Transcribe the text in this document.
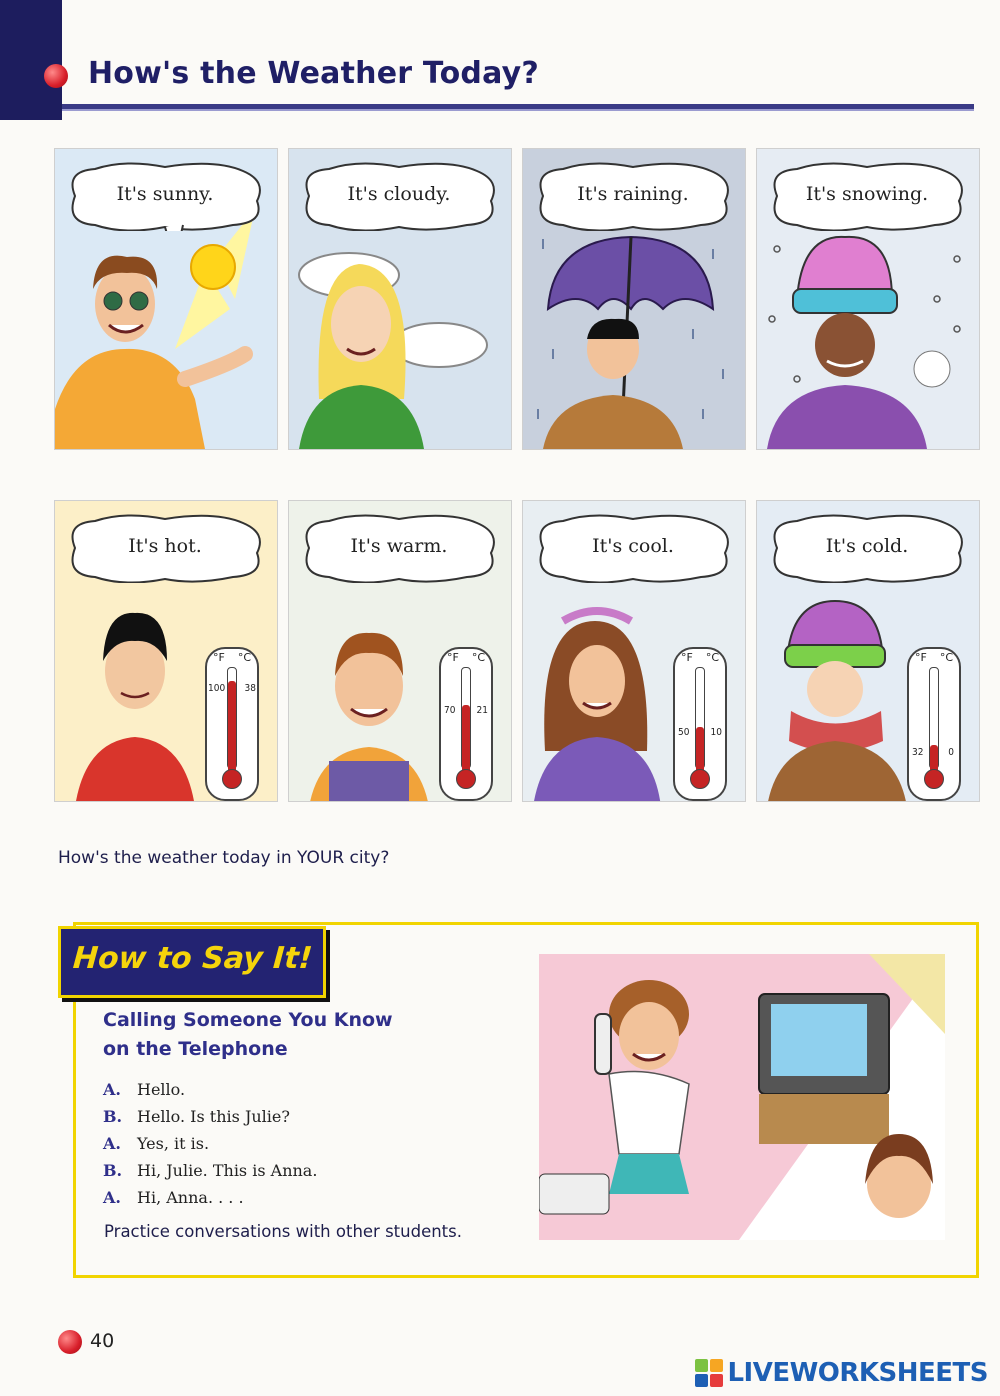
How's the Weather Today?
It's sunny.	It's cloudy.	It's raining.	It's snowing.
It's hot.
°F °C
100 38
It's warm.
°F °C
70 21
It's cool.
°F °C
50 10
It's cold.
°F °C
32 0

How's the weather today in YOUR city?

How to Say It!
Calling Someone You Know
on the Telephone
A. Hello.
B. Hello. Is this Julie?
A. Yes, it is.
B. Hi, Julie. This is Anna.
A. Hi, Anna. . . .

Practice conversations with other students.

40
LIVEWORKSHEETS
